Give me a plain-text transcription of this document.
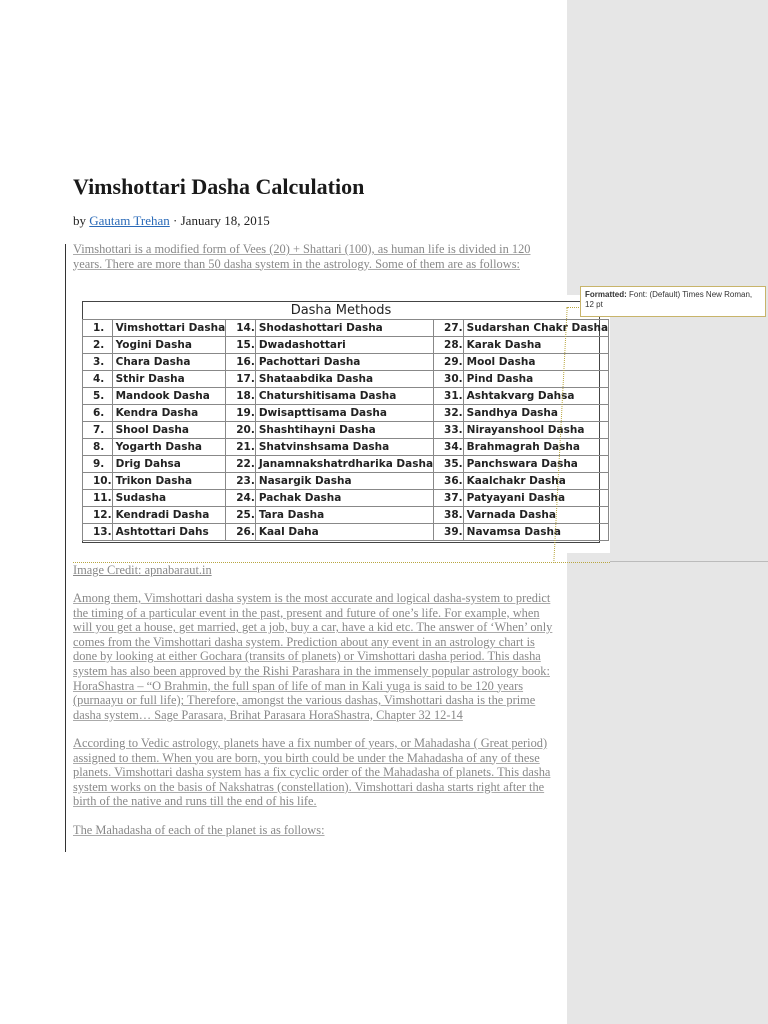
Vimshottari Dasha Calculation
by Gautam Trehan · January 18, 2015

Vimshottari is a modified form of Vees (20) + Shattari (100), as human life is divided in 120 years. There are more than 50 dasha system in the astrology. Some of them are as follows:

Dasha Methods
1.	Vimshottari Dasha	14.	Shodashottari Dasha	27.	Sudarshan Chakr Dasha
2.	Yogini Dasha	15.	Dwadashottari	28.	Karak Dasha
3.	Chara Dasha	16.	Pachottari Dasha	29.	Mool Dasha
4.	Sthir Dasha	17.	Shataabdika Dasha	30.	Pind Dasha
5.	Mandook Dasha	18.	Chaturshitisama Dasha	31.	Ashtakvarg Dahsa
6.	Kendra Dasha	19.	Dwisapttisama Dasha	32.	Sandhya Dasha
7.	Shool Dasha	20.	Shashtihayni Dasha	33.	Nirayanshool Dasha
8.	Yogarth Dasha	21.	Shatvinshsama Dasha	34.	Brahmagrah Dasha
9.	Drig Dahsa	22.	Janamnakshatrdharika Dasha	35.	Panchswara Dasha
10.	Trikon Dasha	23.	Nasargik Dasha	36.	Kaalchakr Dasha
11.	Sudasha	24.	Pachak Dasha	37.	Patyayani Dasha
12.	Kendradi Dasha	25.	Tara Dasha	38.	Varnada Dasha
13.	Ashtottari Dahs	26.	Kaal Daha	39.	Navamsa Dasha
Formatted: Font: (Default) Times New Roman, 12 pt
Image Credit: apnabaraut.in

Among them, Vimshottari dasha system is the most accurate and logical dasha-system to predict the timing of a particular event in the past, present and future of one’s life. For example, when will you get a house, get married, get a job, buy a car, have a kid etc. The answer of ‘When’ only comes from the Vimshottari dasha system. Prediction about any event in an astrology chart is done by looking at either Gochara (transits of planets) or Vimshottari dasha period. This dasha system has also been approved by the Rishi Parashara in the immensely popular astrology book: HoraShastra – “O Brahmin, the full span of life of man in Kali yuga is said to be 120 years (purnaayu or full life); Therefore, amongst the various dashas, Vimshottari dasha is the prime dasha system… Sage Parasara, Brihat Parasara HoraShastra, Chapter 32 12-14

According to Vedic astrology, planets have a fix number of years, or Mahadasha ( Great period) assigned to them. When you are born, you birth could be under the Mahadasha of any of these planets. Vimshottari dasha system has a fix cyclic order of the Mahadasha of planets. This dasha system works on the basis of Nakshatras (constellation). Vimshottari dasha starts right after the birth of the native and runs till the end of his life.

The Mahadasha of each of the planet is as follows:
